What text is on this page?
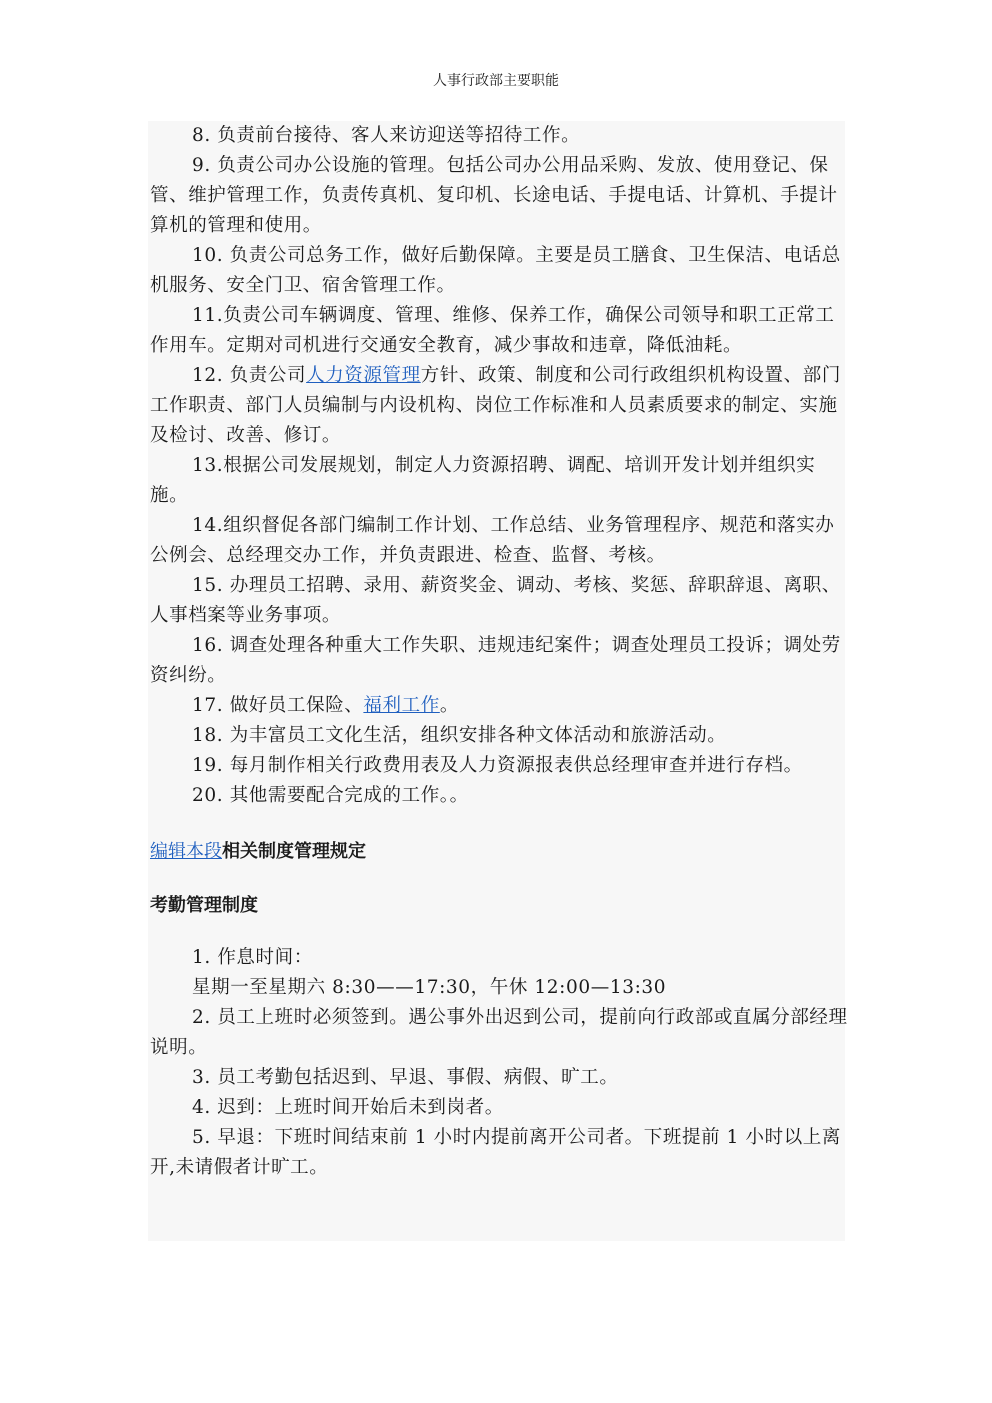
人事行政部主要职能

8. 负责前台接待、客人来访迎送等招待工作。

9. 负责公司办公设施的管理。包括公司办公用品采购、发放、使用登记、保管、维护管理工作，负责传真机、复印机、长途电话、手提电话、计算机、手提计算机的管理和使用。

10. 负责公司总务工作，做好后勤保障。主要是员工膳食、卫生保洁、电话总机服务、安全门卫、宿舍管理工作。

11.负责公司车辆调度、管理、维修、保养工作，确保公司领导和职工正常工作用车。定期对司机进行交通安全教育，减少事故和违章，降低油耗。

12. 负责公司人力资源管理方针、政策、制度和公司行政组织机构设置、部门工作职责、部门人员编制与内设机构、岗位工作标准和人员素质要求的制定、实施及检讨、改善、修订。

13.根据公司发展规划，制定人力资源招聘、调配、培训开发计划并组织实施。

14.组织督促各部门编制工作计划、工作总结、业务管理程序、规范和落实办公例会、总经理交办工作，并负责跟进、检查、监督、考核。

15. 办理员工招聘、录用、薪资奖金、调动、考核、奖惩、辞职辞退、离职、人事档案等业务事项。

16. 调查处理各种重大工作失职、违规违纪案件；调查处理员工投诉；调处劳资纠纷。

17. 做好员工保险、福利工作。

18. 为丰富员工文化生活，组织安排各种文体活动和旅游活动。

19. 每月制作相关行政费用表及人力资源报表供总经理审查并进行存档。

20. 其他需要配合完成的工作。。

编辑本段相关制度管理规定

考勤管理制度

1. 作息时间：

星期一至星期六 8:30——17:30，午休 12:00—13:30

2. 员工上班时必须签到。遇公事外出迟到公司，提前向行政部或直属分部经理说明。

3. 员工考勤包括迟到、早退、事假、病假、旷工。

4. 迟到：上班时间开始后未到岗者。

5. 早退：下班时间结束前 1 小时内提前离开公司者。下班提前 1 小时以上离开,未请假者计旷工。
